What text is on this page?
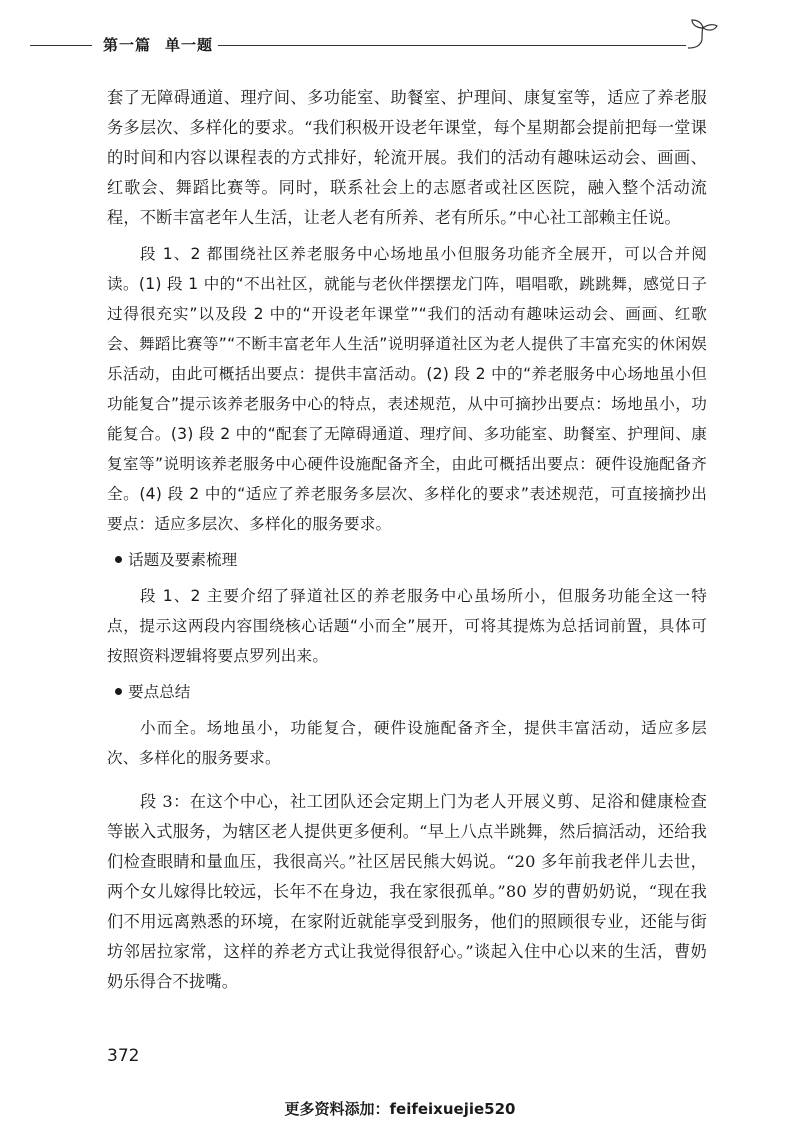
第一篇 单一题

套了无障碍通道、理疗间、多功能室、助餐室、护理间、康复室等，适应了养老服务多层次、多样化的要求。“我们积极开设老年课堂，每个星期都会提前把每一堂课的时间和内容以课程表的方式排好，轮流开展。我们的活动有趣味运动会、画画、红歌会、舞蹈比赛等。同时，联系社会上的志愿者或社区医院，融入整个活动流程，不断丰富老年人生活，让老人老有所养、老有所乐。”中心社工部赖主任说。

段 1、2 都围绕社区养老服务中心场地虽小但服务功能齐全展开，可以合并阅读。(1) 段 1 中的“不出社区，就能与老伙伴摆摆龙门阵，唱唱歌，跳跳舞，感觉日子过得很充实”以及段 2 中的“开设老年课堂”“我们的活动有趣味运动会、画画、红歌会、舞蹈比赛等”“不断丰富老年人生活”说明驿道社区为老人提供了丰富充实的休闲娱乐活动，由此可概括出要点：提供丰富活动。(2) 段 2 中的“养老服务中心场地虽小但功能复合”提示该养老服务中心的特点，表述规范，从中可摘抄出要点：场地虽小，功能复合。(3) 段 2 中的“配套了无障碍通道、理疗间、多功能室、助餐室、护理间、康复室等”说明该养老服务中心硬件设施配备齐全，由此可概括出要点：硬件设施配备齐全。(4) 段 2 中的“适应了养老服务多层次、多样化的要求”表述规范，可直接摘抄出要点：适应多层次、多样化的服务要求。

话题及要素梳理

段 1、2 主要介绍了驿道社区的养老服务中心虽场所小，但服务功能全这一特点，提示这两段内容围绕核心话题“小而全”展开，可将其提炼为总括词前置，具体可按照资料逻辑将要点罗列出来。

要点总结

小而全。场地虽小，功能复合，硬件设施配备齐全，提供丰富活动，适应多层次、多样化的服务要求。

段 3：在这个中心，社工团队还会定期上门为老人开展义剪、足浴和健康检查等嵌入式服务，为辖区老人提供更多便利。“早上八点半跳舞，然后搞活动，还给我们检查眼睛和量血压，我很高兴。”社区居民熊大妈说。“20 多年前我老伴儿去世，两个女儿嫁得比较远，长年不在身边，我在家很孤单。”80 岁的曹奶奶说，“现在我们不用远离熟悉的环境，在家附近就能享受到服务，他们的照顾很专业，还能与街坊邻居拉家常，这样的养老方式让我觉得很舒心。”谈起入住中心以来的生活，曹奶奶乐得合不拢嘴。

372
更多资料添加：feifeixuejie520
